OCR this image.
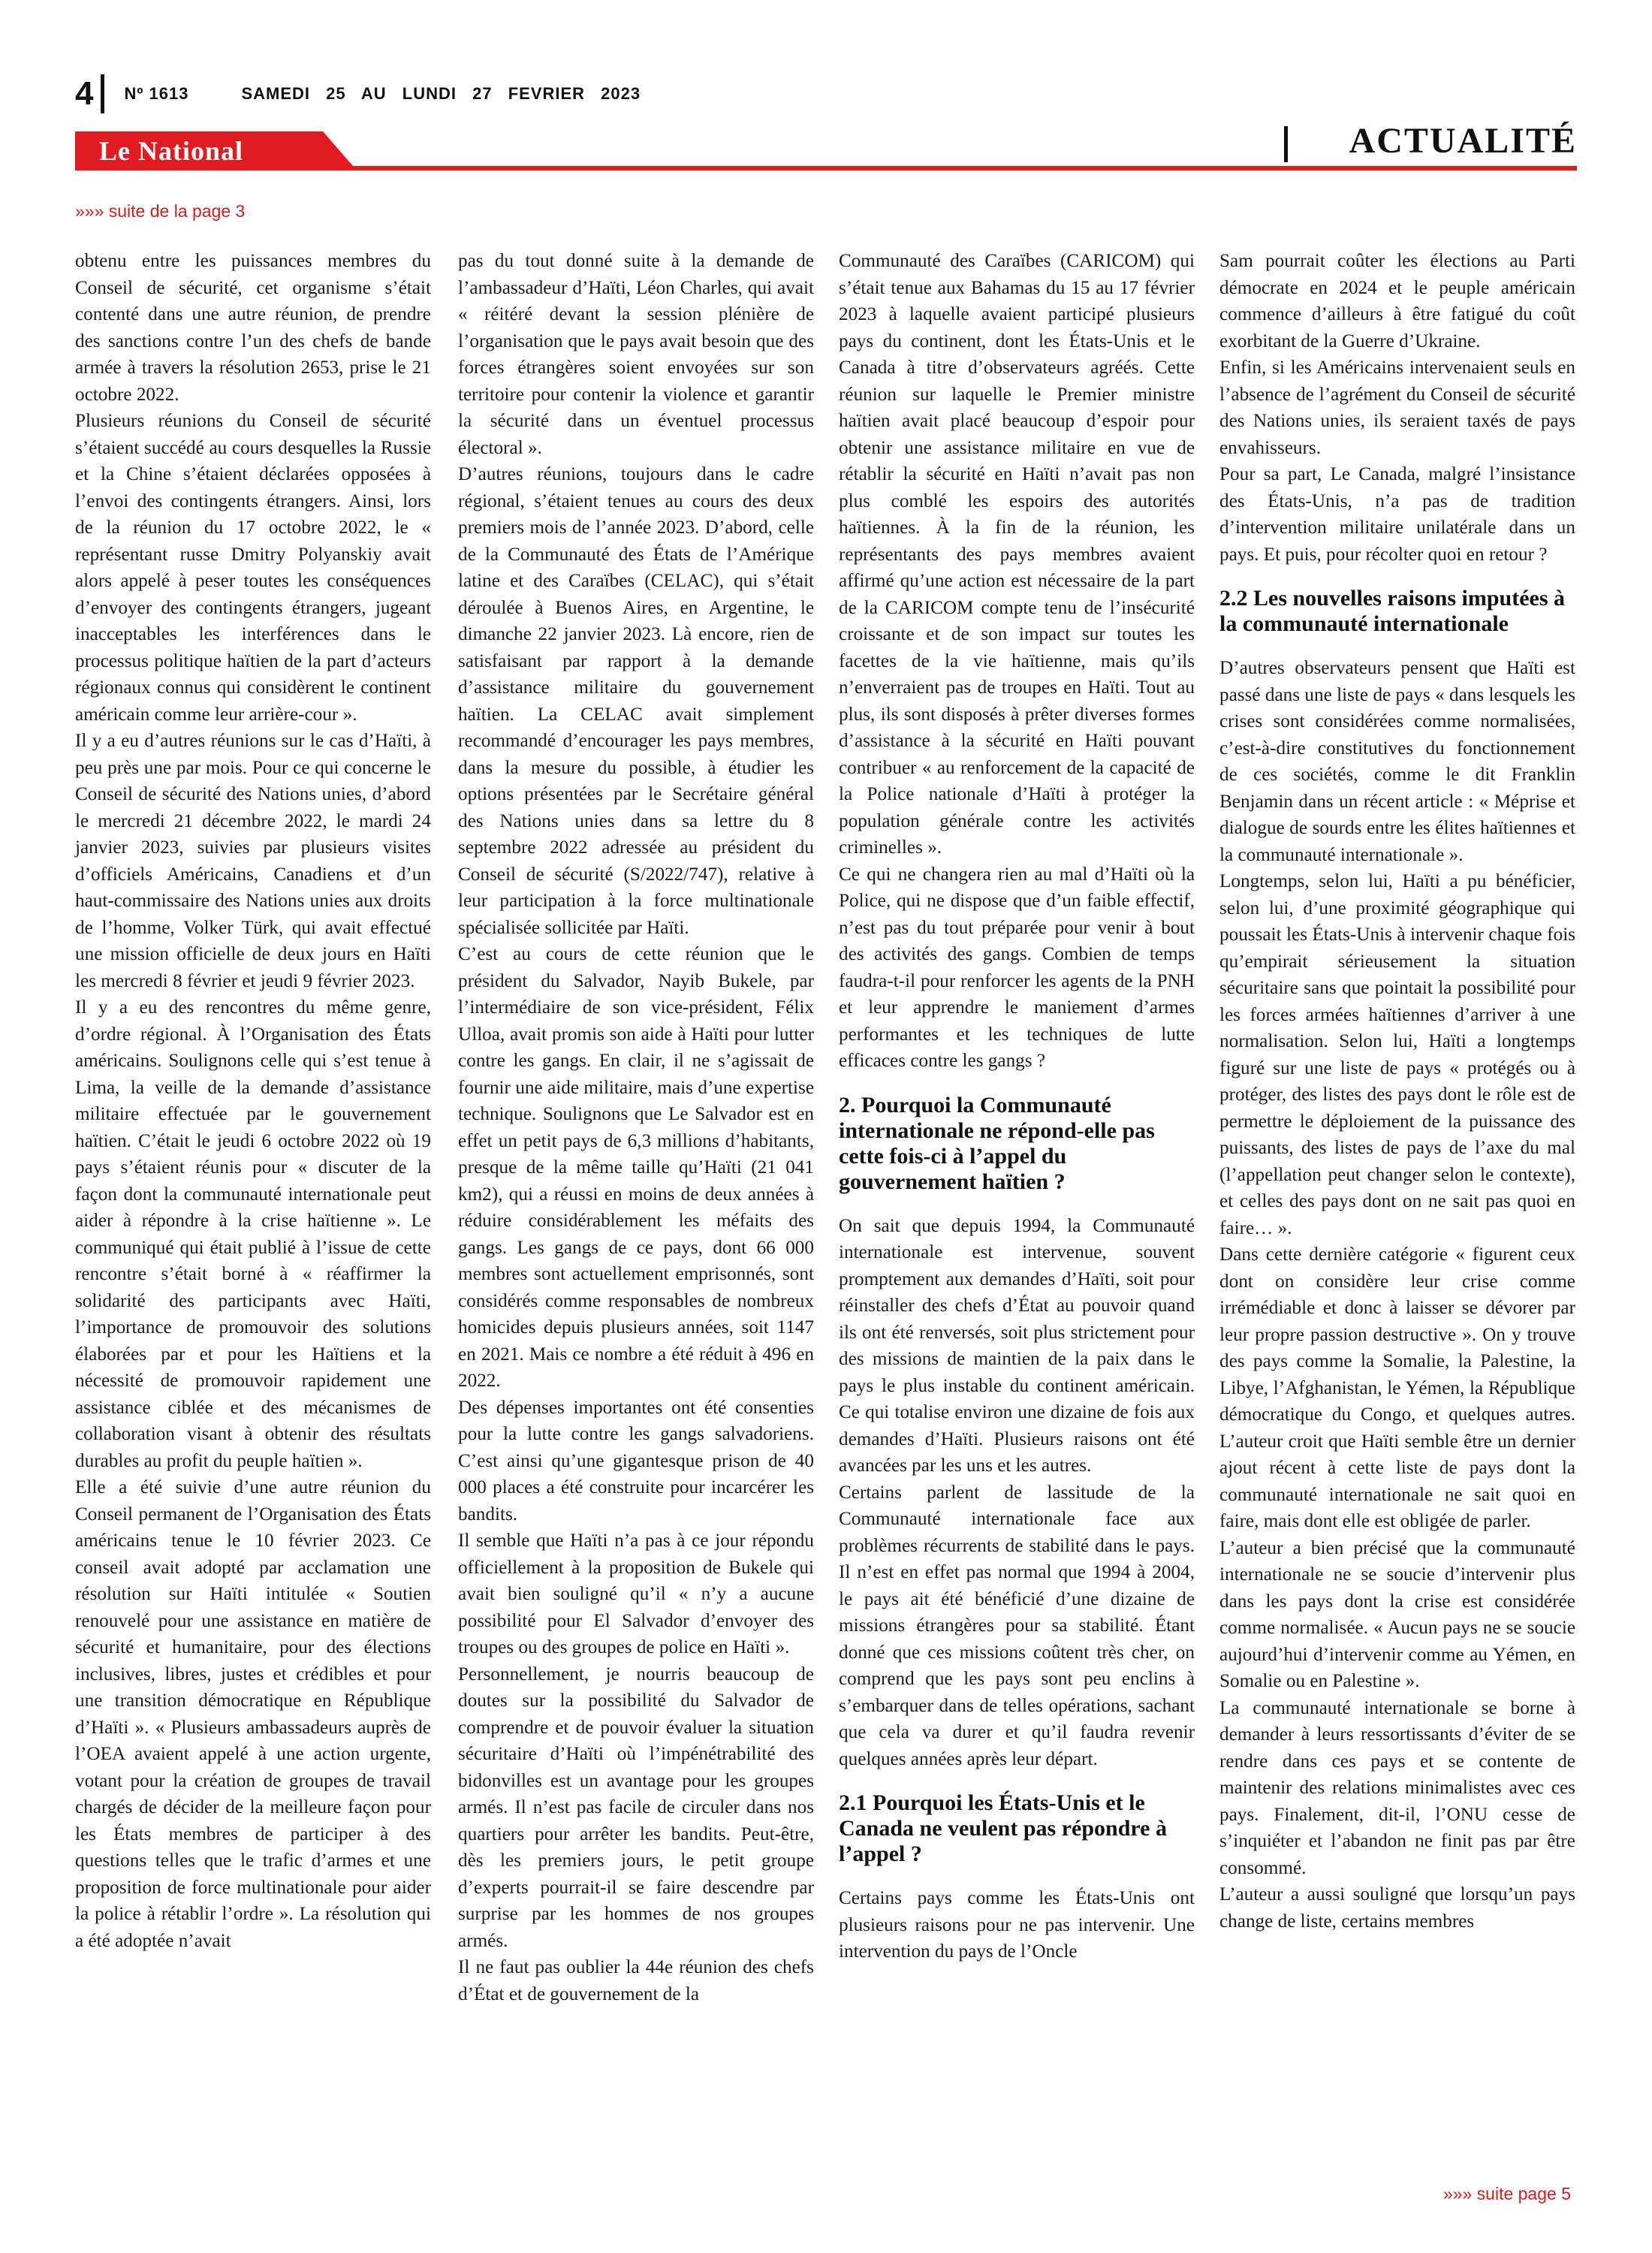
4 Nº 1613	SAMEDI 25 AU LUNDI 27 FEVRIER 2023
Le National	ACTUALITÉ
»»» suite de la page 3

obtenu entre les puissances membres du Conseil de sécurité, cet organisme s’était contenté dans une autre réunion, de prendre des sanctions contre l’un des chefs de bande armée à travers la résolution 2653, prise le 21 octobre 2022.

Plusieurs réunions du Conseil de sécurité s’étaient succédé au cours desquelles la Russie et la Chine s’étaient déclarées opposées à l’envoi des contingents étrangers. Ainsi, lors de la réunion du 17 octobre 2022, le « représentant russe Dmitry Polyanskiy avait alors appelé à peser toutes les conséquences d’envoyer des contingents étrangers, jugeant inacceptables les interférences dans le processus politique haïtien de la part d’acteurs régionaux connus qui considèrent le continent américain comme leur arrière-cour ».

Il y a eu d’autres réunions sur le cas d’Haïti, à peu près une par mois. Pour ce qui concerne le Conseil de sécurité des Nations unies, d’abord le mercredi 21 décembre 2022, le mardi 24 janvier 2023, suivies par plusieurs visites d’officiels Américains, Canadiens et d’un haut-commissaire des Nations unies aux droits de l’homme, Volker Türk, qui avait effectué une mission officielle de deux jours en Haïti les mercredi 8 février et jeudi 9 février 2023.

Il y a eu des rencontres du même genre, d’ordre régional. À l’Organisation des États américains. Soulignons celle qui s’est tenue à Lima, la veille de la demande d’assistance militaire effectuée par le gouvernement haïtien. C’était le jeudi 6 octobre 2022 où 19 pays s’étaient réunis pour « discuter de la façon dont la communauté internationale peut aider à répondre à la crise haïtienne ». Le communiqué qui était publié à l’issue de cette rencontre s’était borné à « réaffirmer la solidarité des participants avec Haïti, l’importance de promouvoir des solutions élaborées par et pour les Haïtiens et la nécessité de promouvoir rapidement une assistance ciblée et des mécanismes de collaboration visant à obtenir des résultats durables au profit du peuple haïtien ».

Elle a été suivie d’une autre réunion du Conseil permanent de l’Organisation des États américains tenue le 10 février 2023. Ce conseil avait adopté par acclamation une résolution sur Haïti intitulée « Soutien renouvelé pour une assistance en matière de sécurité et humanitaire, pour des élections inclusives, libres, justes et crédibles et pour une transition démocratique en République d’Haïti ». « Plusieurs ambassadeurs auprès de l’OEA avaient appelé à une action urgente, votant pour la création de groupes de travail chargés de décider de la meilleure façon pour les États membres de participer à des questions telles que le trafic d’armes et une proposition de force multinationale pour aider la police à rétablir l’ordre ». La résolution qui a été adoptée n’avait

pas du tout donné suite à la demande de l’ambassadeur d’Haïti, Léon Charles, qui avait « réitéré devant la session plénière de l’organisation que le pays avait besoin que des forces étrangères soient envoyées sur son territoire pour contenir la violence et garantir la sécurité dans un éventuel processus électoral ».

D’autres réunions, toujours dans le cadre régional, s’étaient tenues au cours des deux premiers mois de l’année 2023. D’abord, celle de la Communauté des États de l’Amérique latine et des Caraïbes (CELAC), qui s’était déroulée à Buenos Aires, en Argentine, le dimanche 22 janvier 2023. Là encore, rien de satisfaisant par rapport à la demande d’assistance militaire du gouvernement haïtien. La CELAC avait simplement recommandé d’encourager les pays membres, dans la mesure du possible, à étudier les options présentées par le Secrétaire général des Nations unies dans sa lettre du 8 septembre 2022 adressée au président du Conseil de sécurité (S/2022/747), relative à leur participation à la force multinationale spécialisée sollicitée par Haïti.

C’est au cours de cette réunion que le président du Salvador, Nayib Bukele, par l’intermédiaire de son vice-président, Félix Ulloa, avait promis son aide à Haïti pour lutter contre les gangs. En clair, il ne s’agissait de fournir une aide militaire, mais d’une expertise technique. Soulignons que Le Salvador est en effet un petit pays de 6,3 millions d’habitants, presque de la même taille qu’Haïti (21 041 km2), qui a réussi en moins de deux années à réduire considérablement les méfaits des gangs. Les gangs de ce pays, dont 66 000 membres sont actuellement emprisonnés, sont considérés comme responsables de nombreux homicides depuis plusieurs années, soit 1147 en 2021. Mais ce nombre a été réduit à 496 en 2022.

Des dépenses importantes ont été consenties pour la lutte contre les gangs salvadoriens. C’est ainsi qu’une gigantesque prison de 40 000 places a été construite pour incarcérer les bandits.

Il semble que Haïti n’a pas à ce jour répondu officiellement à la proposition de Bukele qui avait bien souligné qu’il « n’y a aucune possibilité pour El Salvador d’envoyer des troupes ou des groupes de police en Haïti ».

Personnellement, je nourris beaucoup de doutes sur la possibilité du Salvador de comprendre et de pouvoir évaluer la situation sécuritaire d’Haïti où l’impénétrabilité des bidonvilles est un avantage pour les groupes armés. Il n’est pas facile de circuler dans nos quartiers pour arrêter les bandits. Peut-être, dès les premiers jours, le petit groupe d’experts pourrait-il se faire descendre par surprise par les hommes de nos groupes armés.

Il ne faut pas oublier la 44e réunion des chefs d’État et de gouvernement de la

Communauté des Caraïbes (CARICOM) qui s’était tenue aux Bahamas du 15 au 17 février 2023 à laquelle avaient participé plusieurs pays du continent, dont les États-Unis et le Canada à titre d’observateurs agréés. Cette réunion sur laquelle le Premier ministre haïtien avait placé beaucoup d’espoir pour obtenir une assistance militaire en vue de rétablir la sécurité en Haïti n’avait pas non plus comblé les espoirs des autorités haïtiennes. À la fin de la réunion, les représentants des pays membres avaient affirmé qu’une action est nécessaire de la part de la CARICOM compte tenu de l’insécurité croissante et de son impact sur toutes les facettes de la vie haïtienne, mais qu’ils n’enverraient pas de troupes en Haïti. Tout au plus, ils sont disposés à prêter diverses formes d’assistance à la sécurité en Haïti pouvant contribuer « au renforcement de la capacité de la Police nationale d’Haïti à protéger la population générale contre les activités criminelles ».

Ce qui ne changera rien au mal d’Haïti où la Police, qui ne dispose que d’un faible effectif, n’est pas du tout préparée pour venir à bout des activités des gangs. Combien de temps faudra-t-il pour renforcer les agents de la PNH et leur apprendre le maniement d’armes performantes et les techniques de lutte efficaces contre les gangs ?

2. Pourquoi la Communauté internationale ne répond-elle pas cette fois-ci à l’appel du gouvernement haïtien ?

On sait que depuis 1994, la Communauté internationale est intervenue, souvent promptement aux demandes d’Haïti, soit pour réinstaller des chefs d’État au pouvoir quand ils ont été renversés, soit plus strictement pour des missions de maintien de la paix dans le pays le plus instable du continent américain. Ce qui totalise environ une dizaine de fois aux demandes d’Haïti. Plusieurs raisons ont été avancées par les uns et les autres.

Certains parlent de lassitude de la Communauté internationale face aux problèmes récurrents de stabilité dans le pays. Il n’est en effet pas normal que 1994 à 2004, le pays ait été bénéficié d’une dizaine de missions étrangères pour sa stabilité. Étant donné que ces missions coûtent très cher, on comprend que les pays sont peu enclins à s’embarquer dans de telles opérations, sachant que cela va durer et qu’il faudra revenir quelques années après leur départ.

2.1 Pourquoi les États-Unis et le Canada ne veulent pas répondre à l’appel ?

Certains pays comme les États-Unis ont plusieurs raisons pour ne pas intervenir. Une intervention du pays de l’Oncle

Sam pourrait coûter les élections au Parti démocrate en 2024 et le peuple américain commence d’ailleurs à être fatigué du coût exorbitant de la Guerre d’Ukraine.

Enfin, si les Américains intervenaient seuls en l’absence de l’agrément du Conseil de sécurité des Nations unies, ils seraient taxés de pays envahisseurs.

Pour sa part, Le Canada, malgré l’insistance des États-Unis, n’a pas de tradition d’intervention militaire unilatérale dans un pays. Et puis, pour récolter quoi en retour ?

2.2 Les nouvelles raisons imputées à la communauté internationale

D’autres observateurs pensent que Haïti est passé dans une liste de pays « dans lesquels les crises sont considérées comme normalisées, c’est-à-dire constitutives du fonctionnement de ces sociétés, comme le dit Franklin Benjamin dans un récent article : « Méprise et dialogue de sourds entre les élites haïtiennes et la communauté internationale ».

Longtemps, selon lui, Haïti a pu bénéficier, selon lui, d’une proximité géographique qui poussait les États-Unis à intervenir chaque fois qu’empirait sérieusement la situation sécuritaire sans que pointait la possibilité pour les forces armées haïtiennes d’arriver à une normalisation. Selon lui, Haïti a longtemps figuré sur une liste de pays « protégés ou à protéger, des listes des pays dont le rôle est de permettre le déploiement de la puissance des puissants, des listes de pays de l’axe du mal (l’appellation peut changer selon le contexte), et celles des pays dont on ne sait pas quoi en faire… ».

Dans cette dernière catégorie « figurent ceux dont on considère leur crise comme irrémédiable et donc à laisser se dévorer par leur propre passion destructive ». On y trouve des pays comme la Somalie, la Palestine, la Libye, l’Afghanistan, le Yémen, la République démocratique du Congo, et quelques autres. L’auteur croit que Haïti semble être un dernier ajout récent à cette liste de pays dont la communauté internationale ne sait quoi en faire, mais dont elle est obligée de parler.

L’auteur a bien précisé que la communauté internationale ne se soucie d’intervenir plus dans les pays dont la crise est considérée comme normalisée. « Aucun pays ne se soucie aujourd’hui d’intervenir comme au Yémen, en Somalie ou en Palestine ».

La communauté internationale se borne à demander à leurs ressortissants d’éviter de se rendre dans ces pays et se contente de maintenir des relations minimalistes avec ces pays. Finalement, dit-il, l’ONU cesse de s’inquiéter et l’abandon ne finit pas par être consommé.

L’auteur a aussi souligné que lorsqu’un pays change de liste, certains membres

»»» suite page 5
